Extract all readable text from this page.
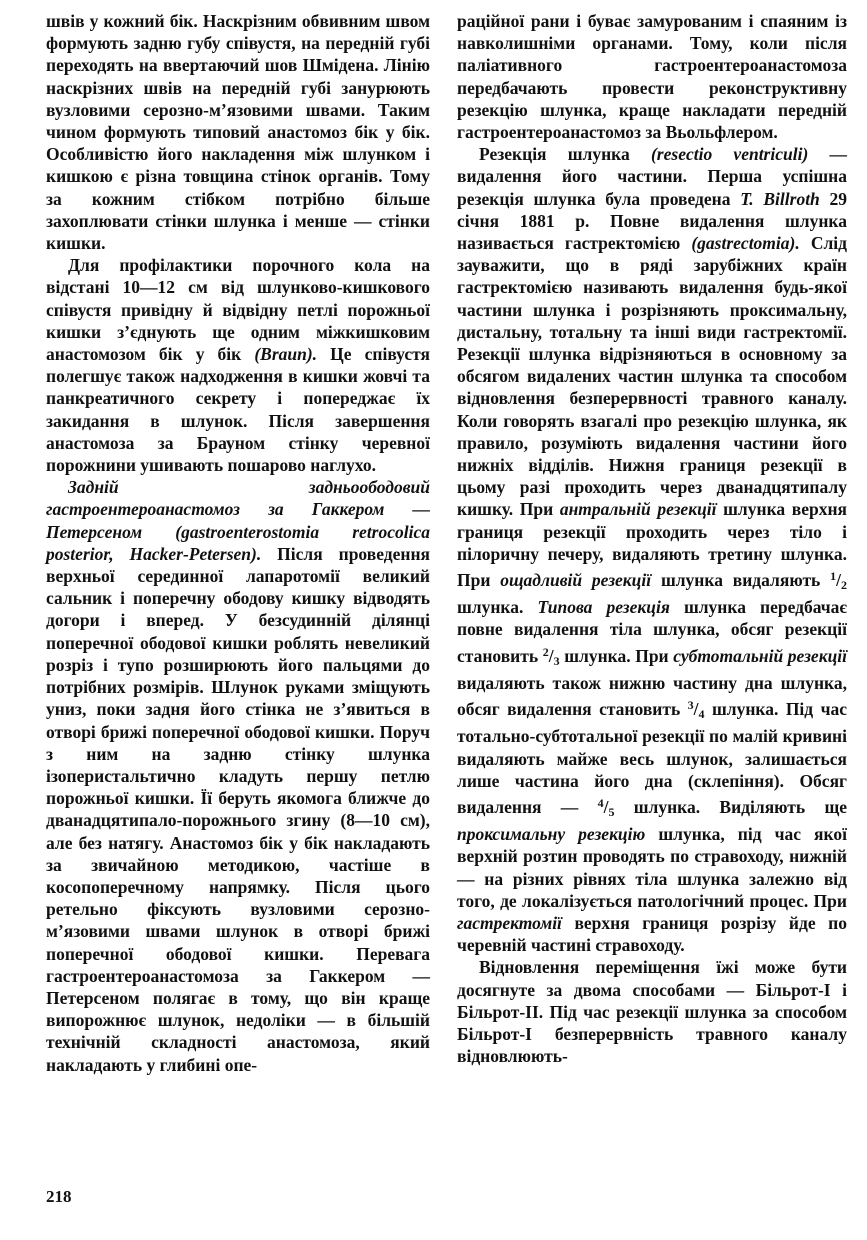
швів у кожний бік. Наскрізним обвивним швом формують задню губу співустя, на передній губі переходять на ввертаючий шов Шмідена. Лінію наскрізних швів на передній губі занурюють вузловими серозно-м’язовими швами. Таким чином формують типовий анастомоз бік у бік. Особливістю його накладення між шлунком і кишкою є різна товщина стінок органів. Тому за кожним стібком потрібно більше захоплювати стінки шлунка і менше — стінки кишки.

Для профілактики порочного кола на відстані 10—12 см від шлунково-кишкового співустя привідну й відвідну петлі порожньої кишки з’єднують ще одним міжкишковим анастомозом бік у бік (Braun). Це співустя полегшує також надходження в кишки жовчі та панкреатичного секрету і попереджає їх закидання в шлунок. Після завершення анастомоза за Брауном стінку черевної порожнини ушивають пошарово наглухо.

Задній задньоободовий гастроентероанастомоз за Гаккером — Петерсеном (gastroenterostomia retrocolica posterior, Hacker-Petersen). Після проведення верхньої серединної лапаротомії великий сальник і поперечну ободову кишку відводять догори і вперед. У безсудинній ділянці поперечної ободової кишки роблять невеликий розріз і тупо розширюють його пальцями до потрібних розмірів. Шлунок руками зміщують униз, поки задня його стінка не з’явиться в отворі брижі поперечної ободової кишки. Поруч з ним на задню стінку шлунка ізоперистальтично кладуть першу петлю порожньої кишки. Її беруть якомога ближче до дванадцятипало-порожнього згину (8—10 см), але без натягу. Анастомоз бік у бік накладають за звичайною методикою, частіше в косопоперечному напрямку. Після цього ретельно фіксують вузловими серозно-м’язовими швами шлунок в отворі брижі поперечної ободової кишки. Перевага гастроентероанастомоза за Гаккером — Петерсеном полягає в тому, що він краще випорожнює шлунок, недоліки — в більшій технічній складності анастомоза, який накладають у глибині опе-

раційної рани і буває замурованим і спаяним із навколишніми органами. Тому, коли після паліативного гастроентероанастомоза передбачають провести реконструктивну резекцію шлунка, краще накладати передній гастроентероанастомоз за Вьольфлером.

Резекція шлунка (resectio ventriculi) — видалення його частини. Перша успішна резекція шлунка була проведена T. Billroth 29 січня 1881 р. Повне видалення шлунка називається гастректомією (gastrectomia). Слід зауважити, що в ряді зарубіжних країн гастректомією називають видалення будь-якої частини шлунка і розрізняють проксимальну, дистальну, тотальну та інші види гастректомії. Резекції шлунка відрізняються в основному за обсягом видалених частин шлунка та способом відновлення безперервності травного каналу. Коли говорять взагалі про резекцію шлунка, як правило, розуміють видалення частини його нижніх відділів. Нижня границя резекції в цьому разі проходить через дванадцятипалу кишку. При антральній резекції шлунка верхня границя резекції проходить через тіло і пілоричну печеру, видаляють третину шлунка. При ощадливій резекції шлунка видаляють $^1/_2$ шлунка. Типова резекція шлунка передбачає повне видалення тіла шлунка, обсяг резекції становить $^2/_3$ шлунка. При субтотальній резекції видаляють також нижню частину дна шлунка, обсяг видалення становить $^3/_4$ шлунка. Під час тотально-субтотальної резекції по малій кривині видаляють майже весь шлунок, залишається лише частина його дна (склепіння). Обсяг видалення — $^4/_5$ шлунка. Виділяють ще проксимальну резекцію шлунка, під час якої верхній розтин проводять по стравоходу, нижній — на різних рівнях тіла шлунка залежно від того, де локалізується патологічний процес. При гастректомії верхня границя розрізу йде по черевній частині стравоходу.

Відновлення переміщення їжі може бути досягнуте за двома способами — Більрот-І і Більрот-ІІ. Під час резекції шлунка за способом Більрот-І безперервність травного каналу відновлюють-

218
